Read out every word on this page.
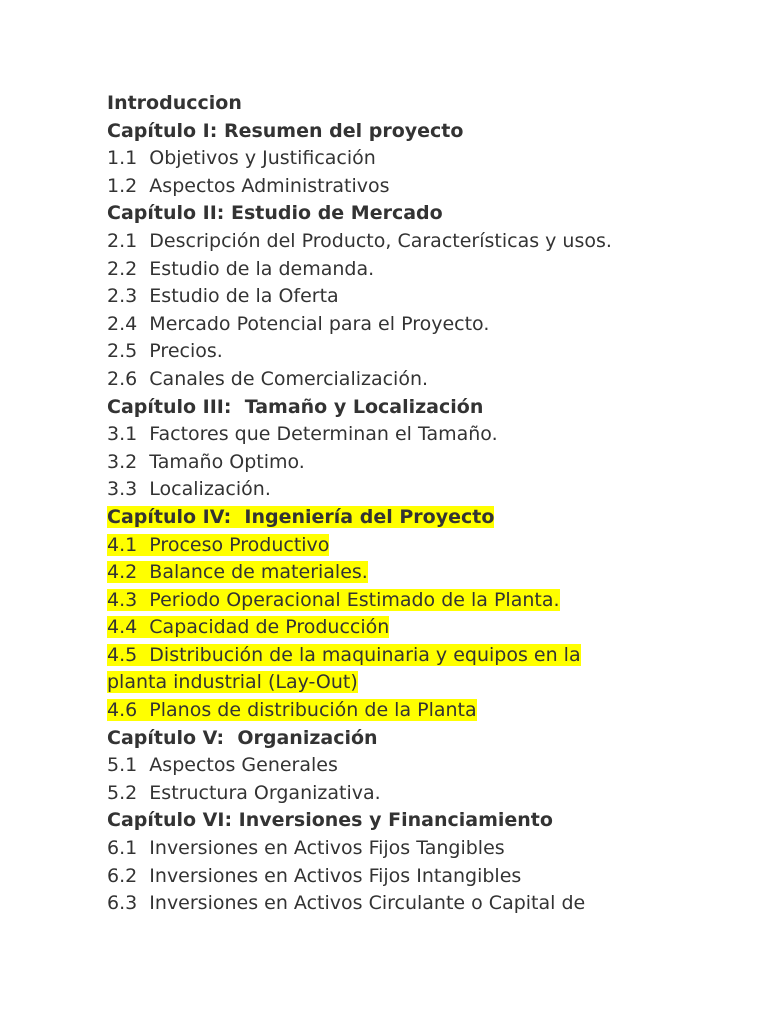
Introduccion
Capítulo I: Resumen del proyecto
1.1  Objetivos y Justificación
1.2  Aspectos Administrativos
Capítulo II: Estudio de Mercado
2.1  Descripción del Producto, Características y usos.
2.2  Estudio de la demanda.
2.3  Estudio de la Oferta
2.4  Mercado Potencial para el Proyecto.
2.5  Precios.
2.6  Canales de Comercialización.
Capítulo III:  Tamaño y Localización
3.1  Factores que Determinan el Tamaño.
3.2  Tamaño Optimo.
3.3  Localización.
Capítulo IV:  Ingeniería del Proyecto
4.1  Proceso Productivo
4.2  Balance de materiales.
4.3  Periodo Operacional Estimado de la Planta.
4.4  Capacidad de Producción
4.5  Distribución de la maquinaria y equipos en la
planta industrial (Lay-Out)
4.6  Planos de distribución de la Planta
Capítulo V:  Organización
5.1  Aspectos Generales
5.2  Estructura Organizativa.
Capítulo VI: Inversiones y Financiamiento
6.1  Inversiones en Activos Fijos Tangibles
6.2  Inversiones en Activos Fijos Intangibles
6.3  Inversiones en Activos Circulante o Capital de
